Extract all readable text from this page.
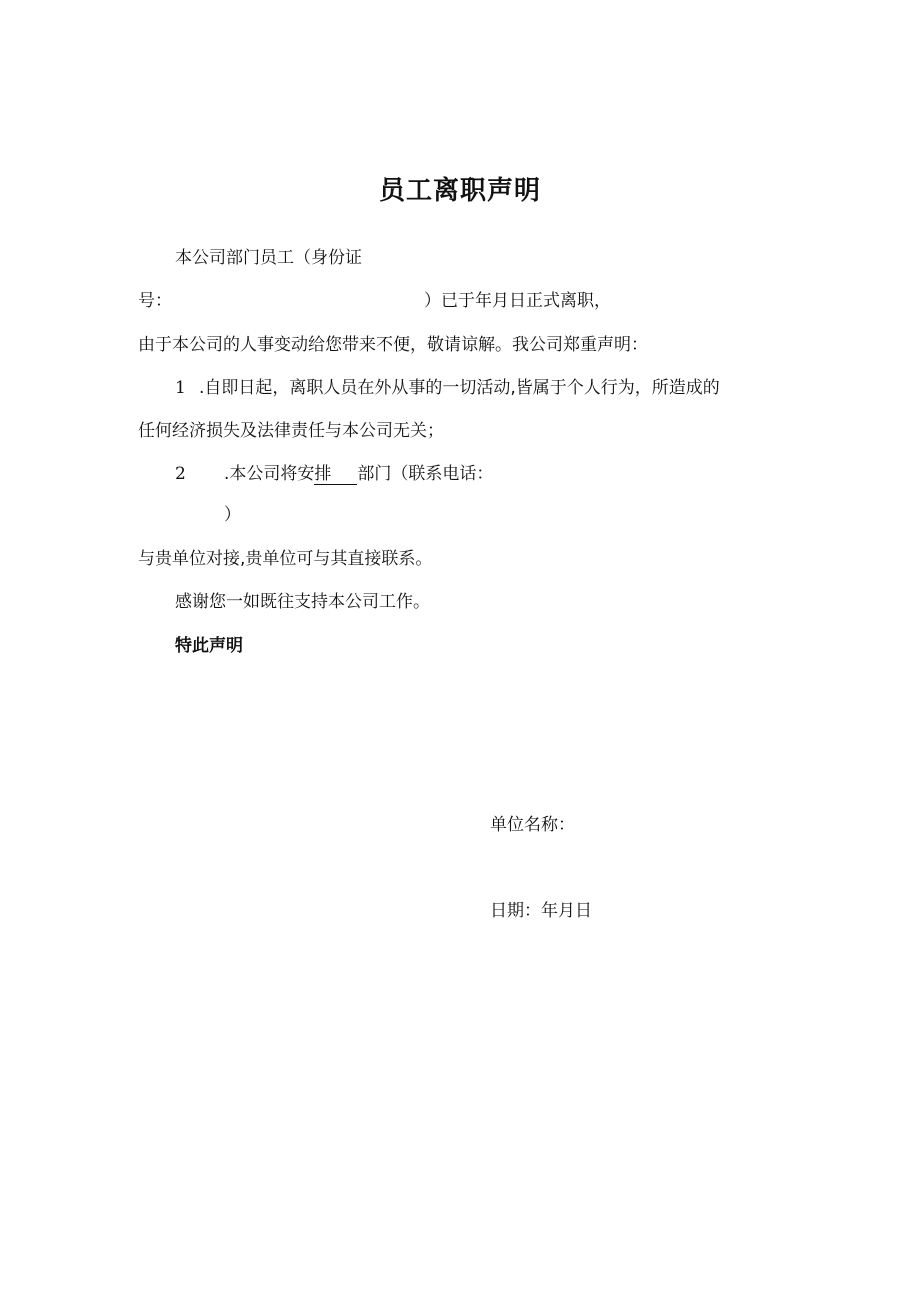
员工离职声明
本公司部门员工（身份证
号：	）已于年月日正式离职，
由于本公司的人事变动给您带来不便，敬请谅解。我公司郑重声明：
1 .自即日起，离职人员在外从事的一切活动,皆属于个人行为，所造成的
任何经济损失及法律责任与本公司无关；
2 .本公司将安排 部门（联系电话：
）
与贵单位对接,贵单位可与其直接联系。
感谢您一如既往支持本公司工作。
特此声明
单位名称：
日期：年月日
